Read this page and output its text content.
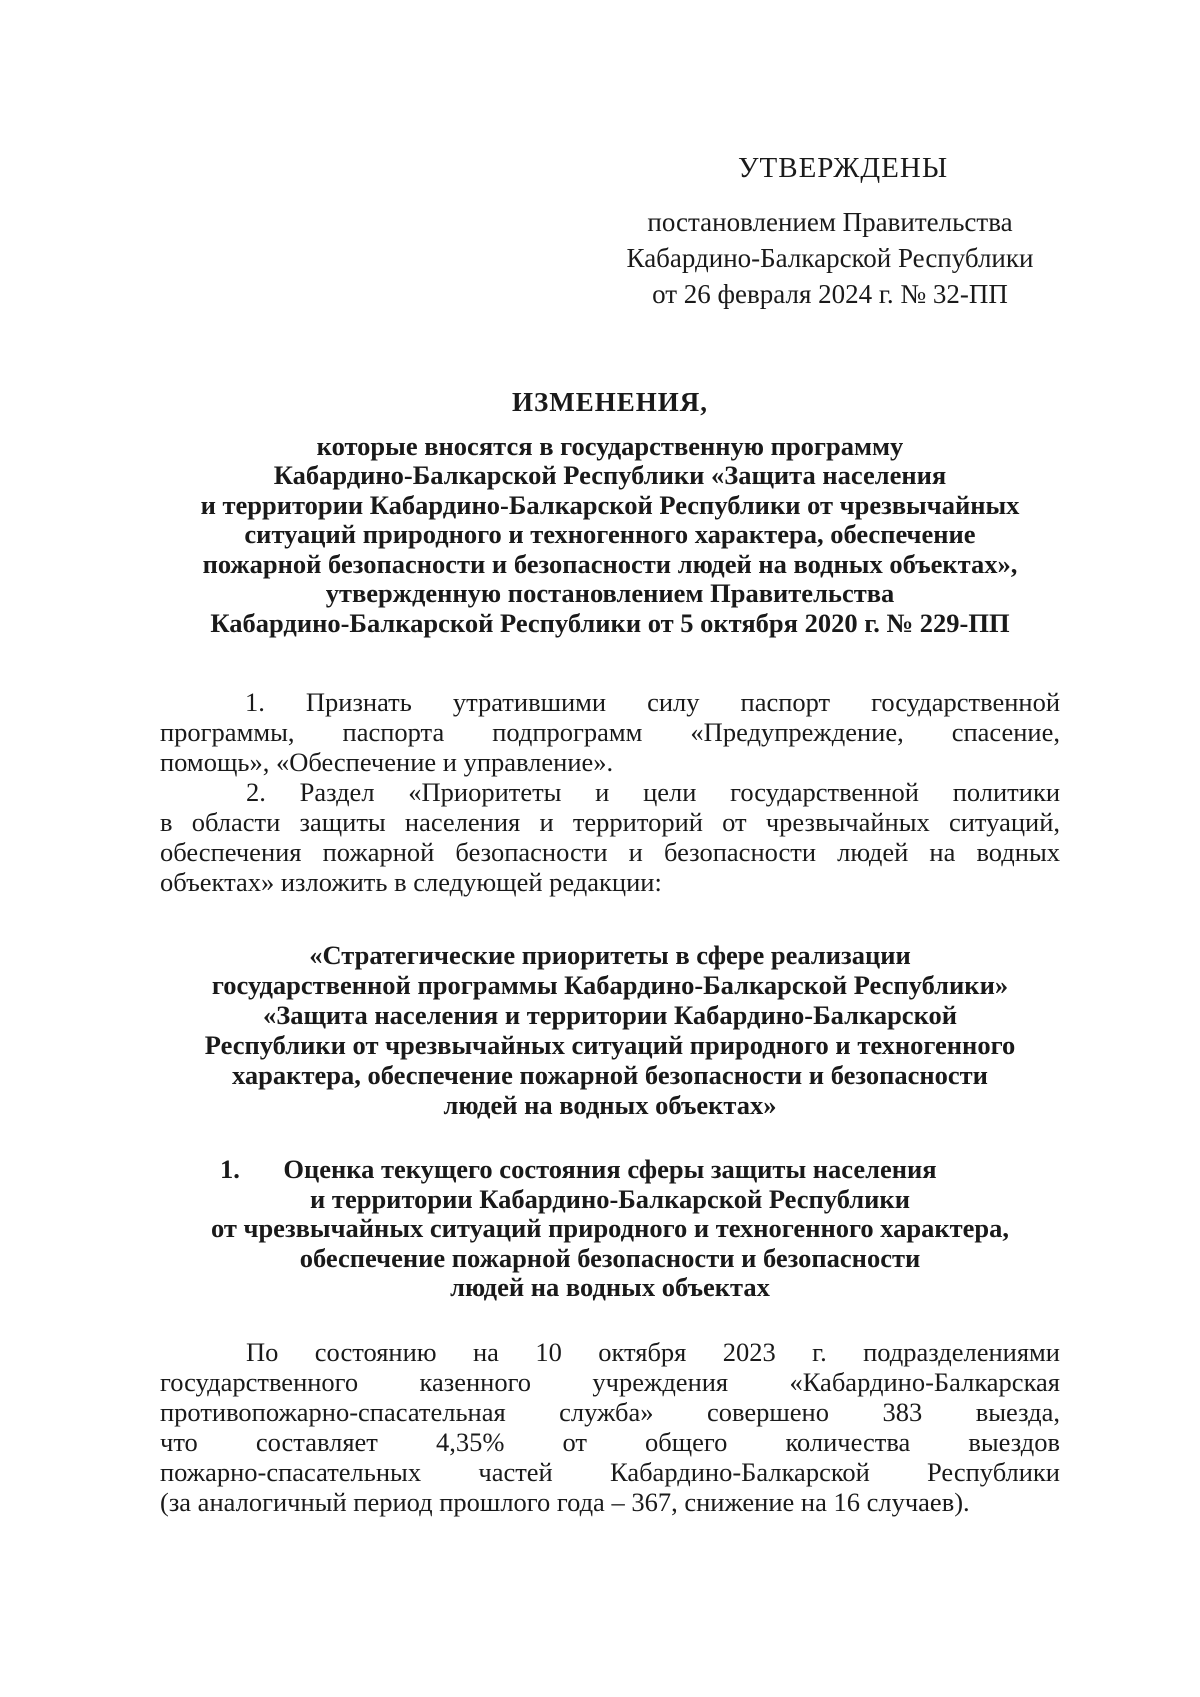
УТВЕРЖДЕНЫ
постановлением Правительства
Кабардино-Балкарской Республики
от 26 февраля 2024 г. № 32-ПП
ИЗМЕНЕНИЯ,
которые вносятся в государственную программу
Кабардино-Балкарской Республики «Защита населения
и территории Кабардино-Балкарской Республики от чрезвычайных
ситуаций природного и техногенного характера, обеспечение
пожарной безопасности и безопасности людей на водных объектах»,
утвержденную постановлением Правительства
Кабардино-Балкарской Республики от 5 октября 2020 г. № 229-ПП

1. Признать утратившими силу паспорт государственной
программы, паспорта подпрограмм «Предупреждение, спасение,
помощь», «Обеспечение и управление».

2. Раздел «Приоритеты и цели государственной политики
в области защиты населения и территорий от чрезвычайных ситуаций,
обеспечения пожарной безопасности и безопасности людей на водных
объектах» изложить в следующей редакции:

«Стратегические приоритеты в сфере реализации
государственной программы Кабардино-Балкарской Республики»
«Защита населения и территории Кабардино-Балкарской
Республики от чрезвычайных ситуаций природного и техногенного
характера, обеспечение пожарной безопасности и безопасности
людей на водных объектах»
1.	Оценка текущего состояния сферы защиты населения
и территории Кабардино-Балкарской Республики
от чрезвычайных ситуаций природного и техногенного характера,
обеспечение пожарной безопасности и безопасности
людей на водных объектах

По состоянию на 10 октября 2023 г. подразделениями
государственного казенного учреждения «Кабардино-Балкарская
противопожарно-спасательная служба» совершено 383 выезда,
что составляет 4,35% от общего количества выездов
пожарно-спасательных частей Кабардино-Балкарской Республики
(за аналогичный период прошлого года – 367, снижение на 16 случаев).
